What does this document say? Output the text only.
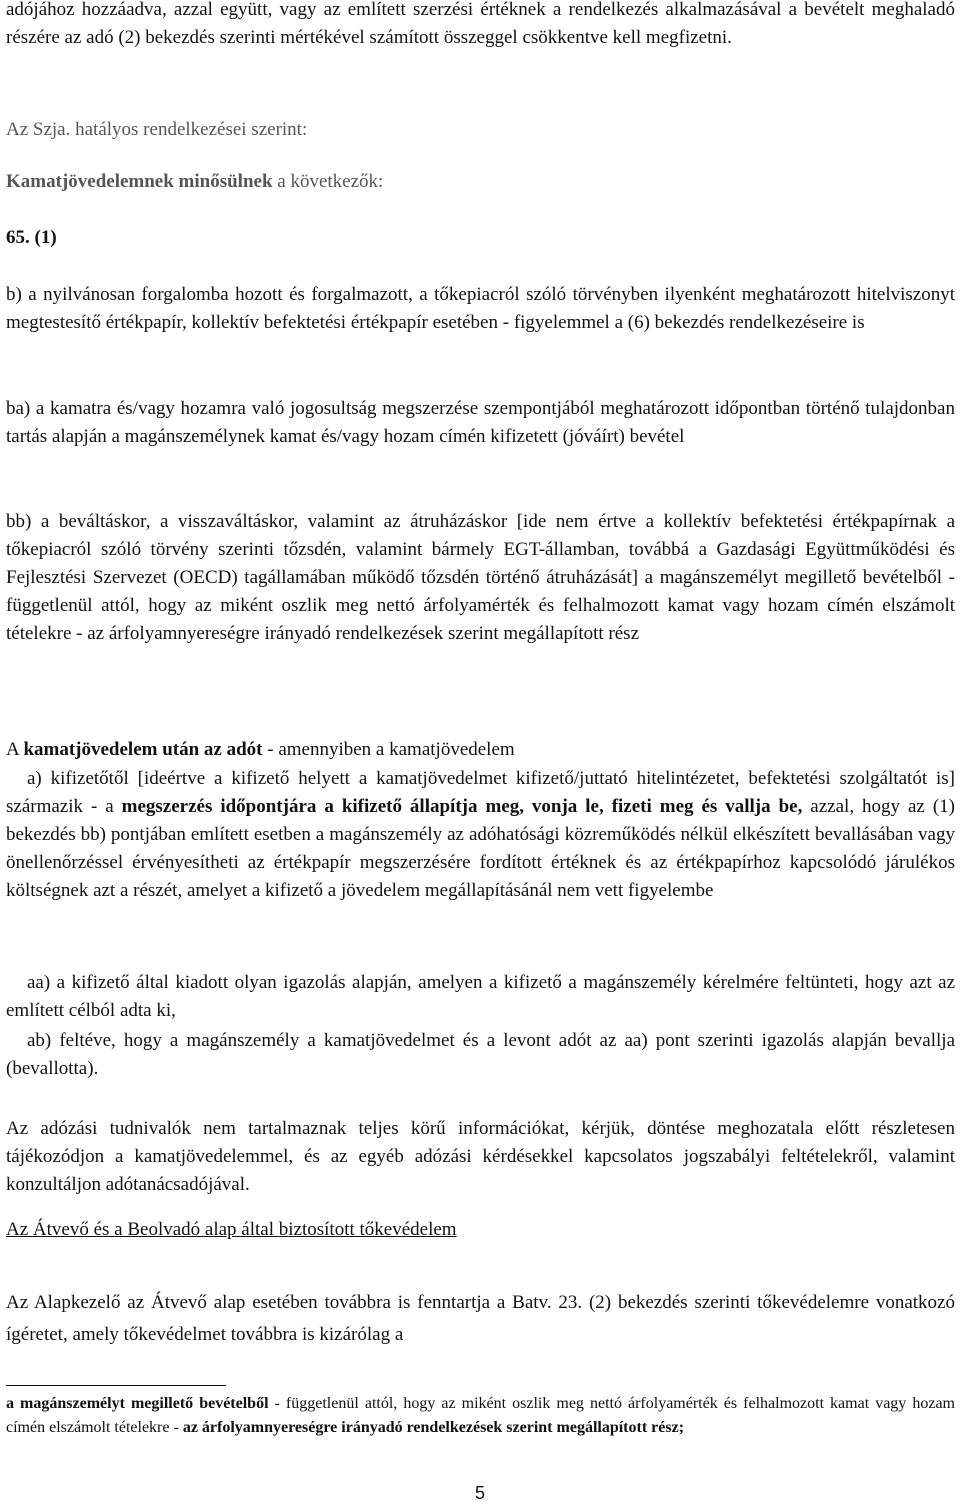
adójához hozzáadva, azzal együtt, vagy az említett szerzési értéknek a rendelkezés alkalmazásával a bevételt meghaladó részére az adó (2) bekezdés szerinti mértékével számított összeggel csökkentve kell megfizetni.

Az Szja. hatályos rendelkezései szerint:

Kamatjövedelemnek minősülnek a következők:

65. (1)

b) a nyilvánosan forgalomba hozott és forgalmazott, a tőkepiacról szóló törvényben ilyenként meghatározott hitelviszonyt megtestesítő értékpapír, kollektív befektetési értékpapír esetében - figyelemmel a (6) bekezdés rendelkezéseire is

ba) a kamatra és/vagy hozamra való jogosultság megszerzése szempontjából meghatározott időpontban történő tulajdonban tartás alapján a magánszemélynek kamat és/vagy hozam címén kifizetett (jóváírt) bevétel

bb) a beváltáskor, a visszaváltáskor, valamint az átruházáskor [ide nem értve a kollektív befektetési értékpapírnak a tőkepiacról szóló törvény szerinti tőzsdén, valamint bármely EGT-államban, továbbá a Gazdasági Együttműködési és Fejlesztési Szervezet (OECD) tagállamában működő tőzsdén történő átruházását] a magánszemélyt megillető bevételből - függetlenül attól, hogy az miként oszlik meg nettó árfolyamérték és felhalmozott kamat vagy hozam címén elszámolt tételekre - az árfolyamnyereségre irányadó rendelkezések szerint megállapított rész

A kamatjövedelem után az adót - amennyiben a kamatjövedelem

a) kifizetőtől [ideértve a kifizető helyett a kamatjövedelmet kifizető/juttató hitelintézetet, befektetési szolgáltatót is] származik - a megszerzés időpontjára a kifizető állapítja meg, vonja le, fizeti meg és vallja be, azzal, hogy az (1) bekezdés bb) pontjában említett esetben a magánszemély az adóhatósági közreműködés nélkül elkészített bevallásában vagy önellenőrzéssel érvényesítheti az értékpapír megszerzésére fordított értéknek és az értékpapírhoz kapcsolódó járulékos költségnek azt a részét, amelyet a kifizető a jövedelem megállapításánál nem vett figyelembe

aa) a kifizető által kiadott olyan igazolás alapján, amelyen a kifizető a magánszemély kérelmére feltünteti, hogy azt az említett célból adta ki,

ab) feltéve, hogy a magánszemély a kamatjövedelmet és a levont adót az aa) pont szerinti igazolás alapján bevallja (bevallotta).

Az adózási tudnivalók nem tartalmaznak teljes körű információkat, kérjük, döntése meghozatala előtt részletesen tájékozódjon a kamatjövedelemmel, és az egyéb adózási kérdésekkel kapcsolatos jogszabályi feltételekről, valamint konzultáljon adótanácsadójával.

Az Átvevő és a Beolvadó alap által biztosított tőkevédelem

Az Alapkezelő az Átvevő alap esetében továbbra is fenntartja a Batv. 23. (2) bekezdés szerinti tőkevédelemre vonatkozó ígéretet, amely tőkevédelmet továbbra is kizárólag a

a magánszemélyt megillető bevételből - függetlenül attól, hogy az miként oszlik meg nettó árfolyamérték és felhalmozott kamat vagy hozam címén elszámolt tételekre - az árfolyamnyereségre irányadó rendelkezések szerint megállapított rész;

5
